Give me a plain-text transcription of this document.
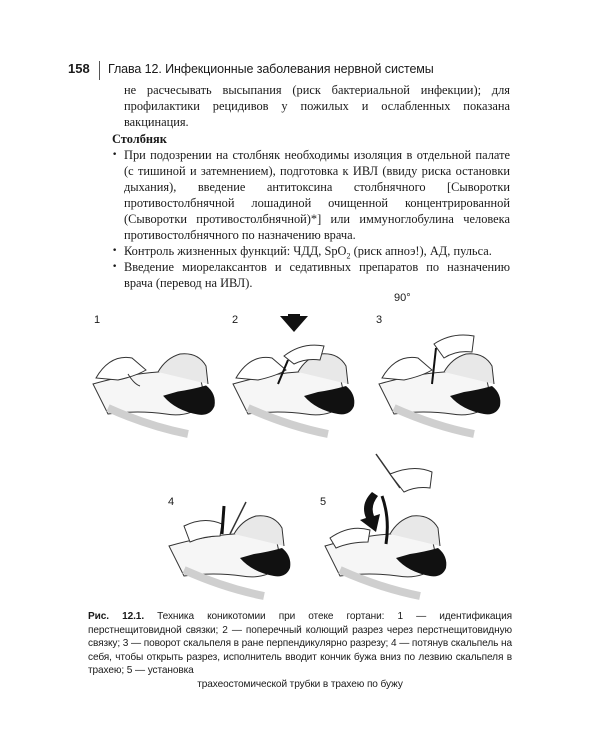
158 Глава 12. Инфекционные заболевания нервной системы

не расчесывать высыпания (риск бактериальной инфекции); для профилактики рецидивов у пожилых и ослабленных показана вакцинация.

Столбняк

• При подозрении на столбняк необходимы изоляция в отдельной палате (с тишиной и затемнением), подготовка к ИВЛ (ввиду риска остановки дыхания), введение антитоксина столбнячного [Сыворотки противостолбнячной лошадиной очищенной концентрированной (Сыворотки противостолбнячной)*] или иммуноглобулина человека противостолбнячного по назначению врача.
• Контроль жизненных функций: ЧДД, SpO$_2$ (риск апноэ!), АД, пульса.
• Введение миорелаксантов и седативных препаратов по назначению врача (перевод на ИВЛ).
1	2	3
90°
4	5
Рис. 12.1. Техника коникотомии при отеке гортани: 1 — идентификация перстнещитовидной связки; 2 — поперечный колющий разрез через перстнещитовидную связку; 3 — поворот скальпеля в ране перпендикулярно разрезу; 4 — потянув скальпель на себя, чтобы открыть разрез, исполнитель вводит кончик бужа вниз по лезвию скальпеля в трахею; 5 — установка
трахеостомической трубки в трахею по бужу
